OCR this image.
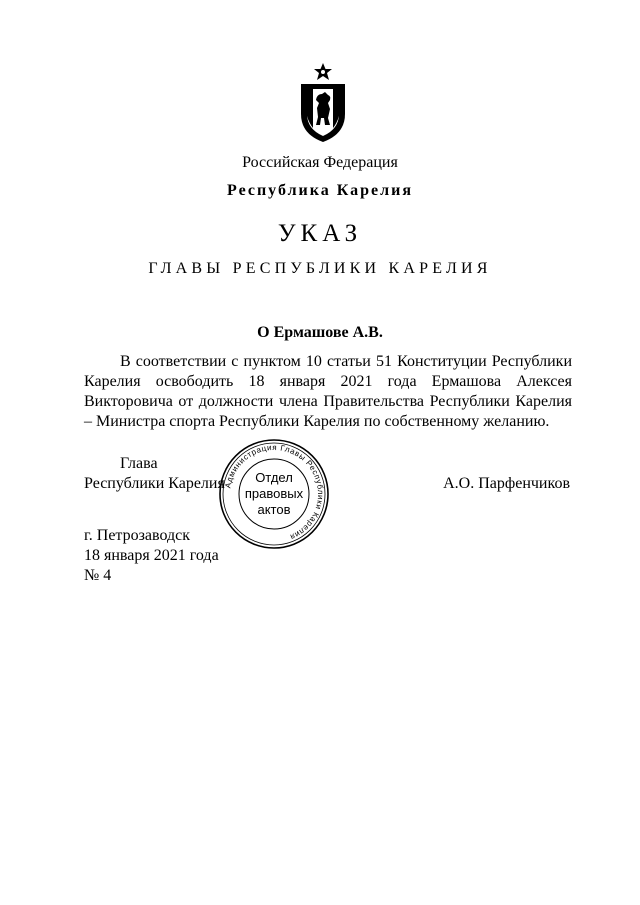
Российская Федерация
Республика Карелия
УКАЗ
ГЛАВЫ РЕСПУБЛИКИ КАРЕЛИЯ
О Ермашове А.В.

В соответствии с пунктом 10 статьи 51 Конституции Республики Карелия освободить 18 января 2021 года Ермашова Алексея Викторовича от должности члена Правительства Республики Карелия – Министра спорта Республики Карелия по собственному желанию.

Глава
Республики Карелия	А.О. Парфенчиков
Администрация Главы Республики Карелия
Отдел
правовых
актов
г. Петрозаводск
18 января 2021 года
№ 4
